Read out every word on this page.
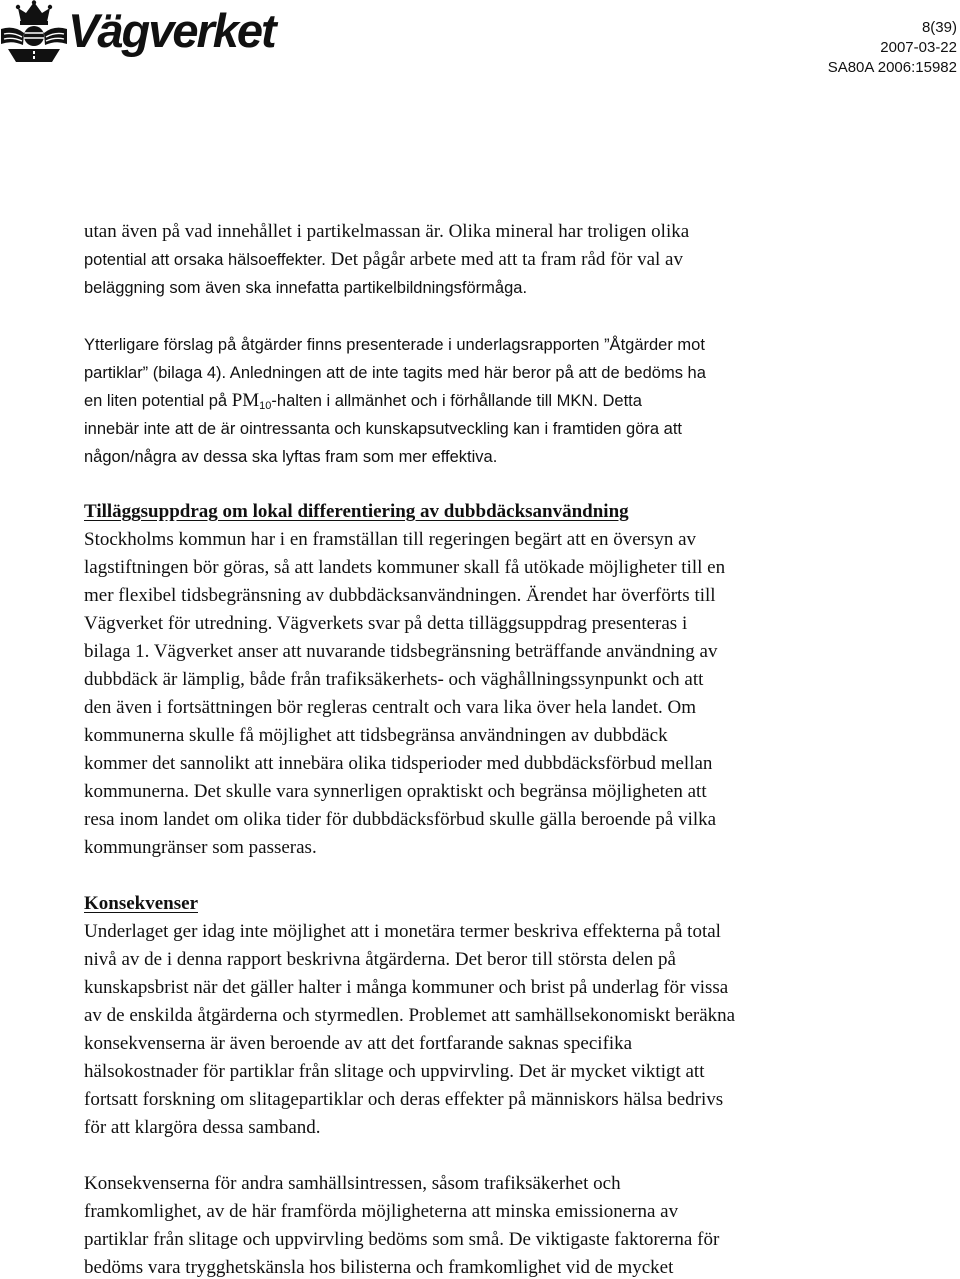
Vägverket	8(39)
2007-03-22
SA80A 2006:15982
utan även på vad innehållet i partikelmassan är. Olika mineral har troligen olika
potential att orsaka hälsoeffekter. Det pågår arbete med att ta fram råd för val av
beläggning som även ska innefatta partikelbildningsförmåga.
Ytterligare förslag på åtgärder finns presenterade i underlagsrapporten ”Åtgärder mot
partiklar” (bilaga 4). Anledningen att de inte tagits med här beror på att de bedöms ha
en liten potential på $PM_{10}$-halten i allmänhet och i förhållande till MKN. Detta
innebär inte att de är ointressanta och kunskapsutveckling kan i framtiden göra att
någon/några av dessa ska lyftas fram som mer effektiva.
Tilläggsuppdrag om lokal differentiering av dubbdäcksanvändning
Stockholms kommun har i en framställan till regeringen begärt att en översyn av
lagstiftningen bör göras, så att landets kommuner skall få utökade möjligheter till en
mer flexibel tidsbegränsning av dubbdäcksanvändningen. Ärendet har överförts till
Vägverket för utredning. Vägverkets svar på detta tilläggsuppdrag presenteras i
bilaga 1. Vägverket anser att nuvarande tidsbegränsning beträffande användning av
dubbdäck är lämplig, både från trafiksäkerhets- och väghållningssynpunkt och att
den även i fortsättningen bör regleras centralt och vara lika över hela landet. Om
kommunerna skulle få möjlighet att tidsbegränsa användningen av dubbdäck
kommer det sannolikt att innebära olika tidsperioder med dubbdäcksförbud mellan
kommunerna. Det skulle vara synnerligen opraktiskt och begränsa möjligheten att
resa inom landet om olika tider för dubbdäcksförbud skulle gälla beroende på vilka
kommungränser som passeras.
Konsekvenser
Underlaget ger idag inte möjlighet att i monetära termer beskriva effekterna på total
nivå av de i denna rapport beskrivna åtgärderna. Det beror till största delen på
kunskapsbrist när det gäller halter i många kommuner och brist på underlag för vissa
av de enskilda åtgärderna och styrmedlen. Problemet att samhällsekonomiskt beräkna
konsekvenserna är även beroende av att det fortfarande saknas specifika
hälsokostnader för partiklar från slitage och uppvirvling. Det är mycket viktigt att
fortsatt forskning om slitagepartiklar och deras effekter på människors hälsa bedrivs
för att klargöra dessa samband.
Konsekvenserna för andra samhällsintressen, såsom trafiksäkerhet och
framkomlighet, av de här framförda möjligheterna att minska emissionerna av
partiklar från slitage och uppvirvling bedöms som små. De viktigaste faktorerna för
bedöms vara trygghetskänsla hos bilisterna och framkomlighet vid de mycket
